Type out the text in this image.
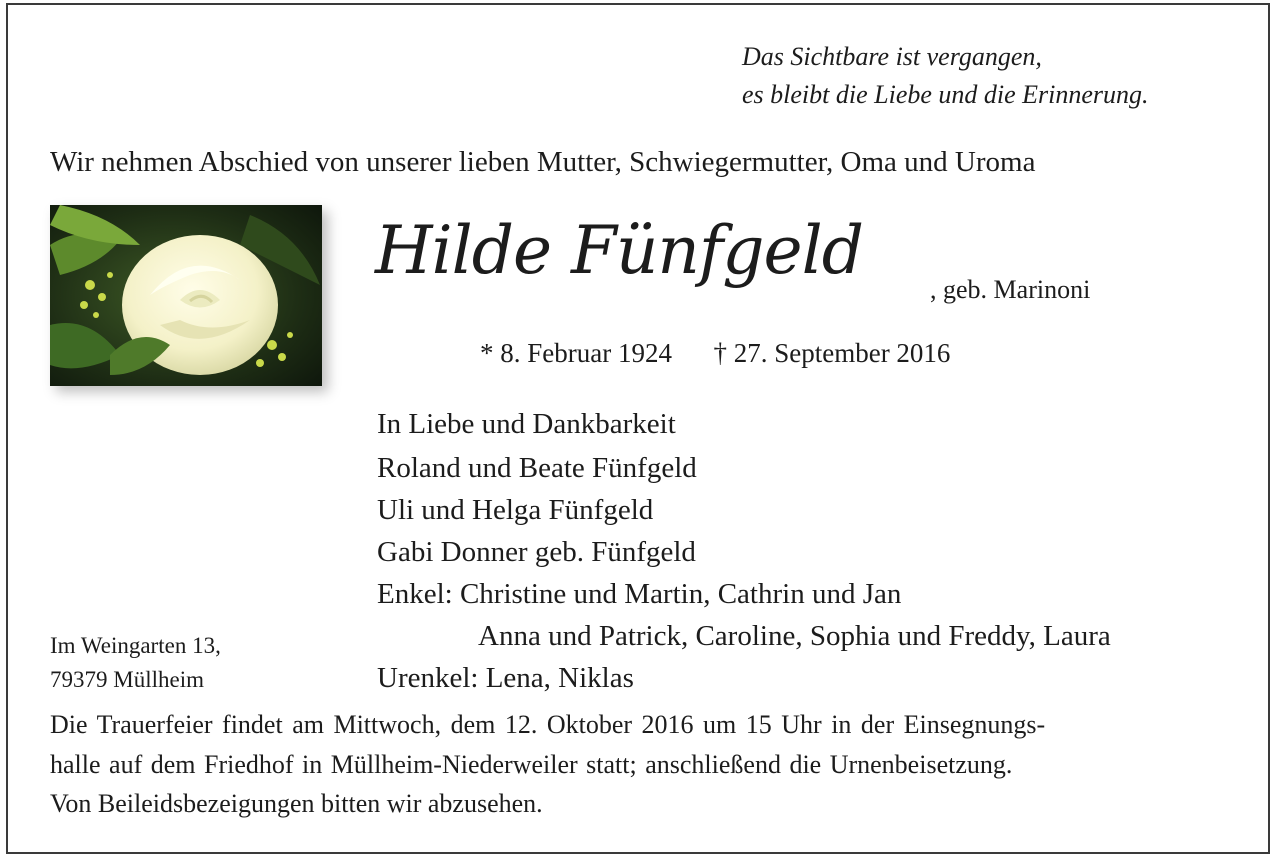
Das Sichtbare ist vergangen,
es bleibt die Liebe und die Erinnerung.
Wir nehmen Abschied von unserer lieben Mutter, Schwiegermutter, Oma und Uroma
Hilde Fünfgeld
, geb. Marinoni
* 8. Februar 1924 † 27. September 2016
In Liebe und Dankbarkeit
Roland und Beate Fünfgeld
Uli und Helga Fünfgeld
Gabi Donner geb. Fünfgeld
Enkel: Christine und Martin, Cathrin und Jan
Anna und Patrick, Caroline, Sophia und Freddy, Laura
Urenkel: Lena, Niklas
Im Weingarten 13,
79379 Müllheim
Die Trauerfeier findet am Mittwoch, dem 12. Oktober 2016 um 15 Uhr in der Einsegnungs-
halle auf dem Friedhof in Müllheim-Niederweiler statt; anschließend die Urnenbeisetzung.
Von Beileidsbezeigungen bitten wir abzusehen.
